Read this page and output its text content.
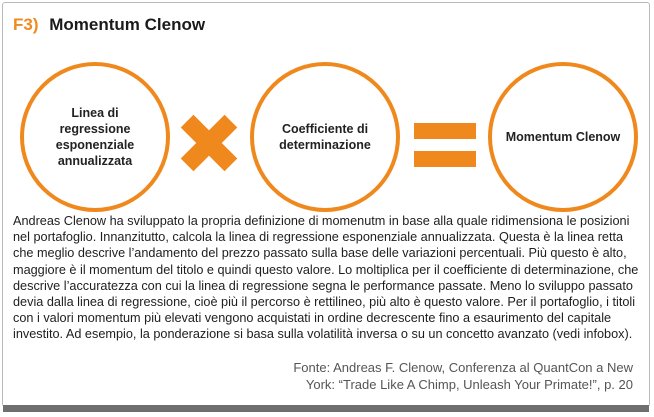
F3) Momentum Clenow
Linea di regressione esponenziale annualizzata
Coefficiente di determinazione
Momentum Clenow
Andreas Clenow ha sviluppato la propria definizione di momenutm in base alla quale ridimensiona le posizioni nel portafoglio. Innanzitutto, calcola la linea di regressione esponenziale annualizzata. Questa è la linea retta che meglio descrive l’andamento del prezzo passato sulla base delle variazioni percentuali. Più questo è alto, maggiore è il momentum del titolo e quindi questo valore. Lo moltiplica per il coefficiente di determinazione, che descrive l’accuratezza con cui la linea di regressione segna le performance passate. Meno lo sviluppo passato devia dalla linea di regressione, cioè più il percorso è rettilineo, più alto è questo valore. Per il portafoglio, i titoli con i valori momentum più elevati vengono acquistati in ordine decrescente fino a esaurimento del capitale investito. Ad esempio, la ponderazione si basa sulla volatilità inversa o su un concetto avanzato (vedi infobox).
Fonte: Andreas F. Clenow, Conferenza al QuantCon a New York: “Trade Like A Chimp, Unleash Your Primate!”, p. 20
